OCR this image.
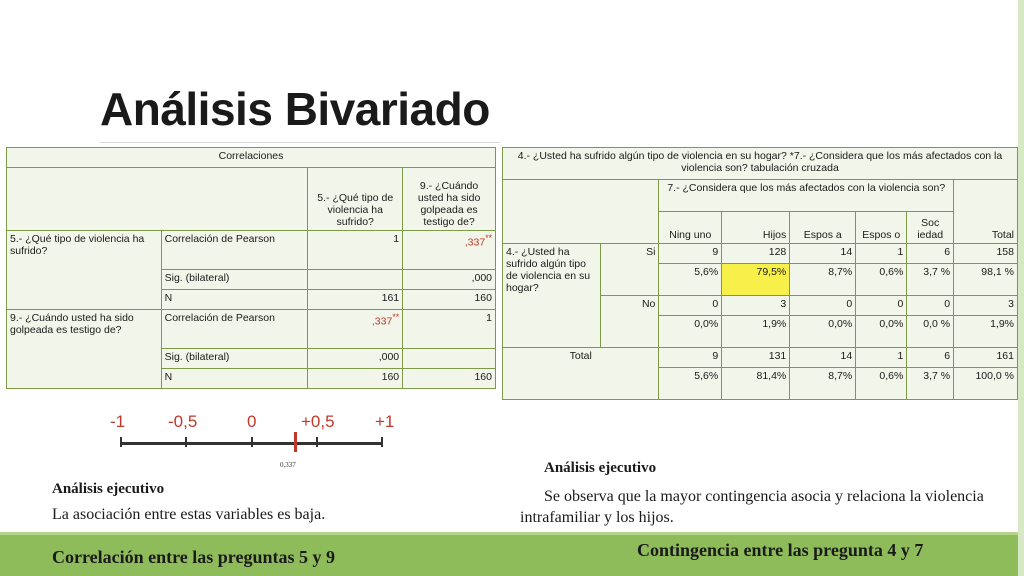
Análisis Bivariado
Correlaciones			
		5.- ¿Qué tipo de violencia ha sufrido?	9.- ¿Cuándo usted ha sido golpeada es testigo de?
5.- ¿Qué tipo de violencia ha sufrido?	Correlación de Pearson	1	,337**
	Sig. (bilateral)		,000
	N	161	160
9.- ¿Cuándo usted ha sido golpeada es testigo de?	Correlación de Pearson	,337**	1
	Sig. (bilateral)	,000	
	N	160	160
4.- ¿Usted ha sufrido algún tipo de violencia en su hogar? *7.- ¿Considera que los más afectados con la violencia son? tabulación cruzada							
		7.- ¿Considera que los más afectados con la violencia son?					Total
		Ning uno	Hijos	Espos a	Espos o	Soc iedad	
4.- ¿Usted ha sufrido algún tipo de violencia en su hogar?	Si	9	128	14	1	6	158
		5,6%	79,5%	8,7%	0,6%	3,7 %	98,1 %
	No	0	3	0	0	0	3
		0,0%	1,9%	0,0%	0,0%	0,0 %	1,9%
Total		9	131	14	1	6	161
		5,6%	81,4%	8,7%	0,6%	3,7 %	100,0 %
-1	-0,5	0	+0,5 +1
0,337
Análisis ejecutivo
La asociación entre estas variables es baja.
Análisis ejecutivo
Se observa que la mayor contingencia asocia y relaciona la violencia intrafamiliar y los hijos.
Correlación entre las preguntas 5 y 9	Contingencia entre las pregunta 4 y 7
